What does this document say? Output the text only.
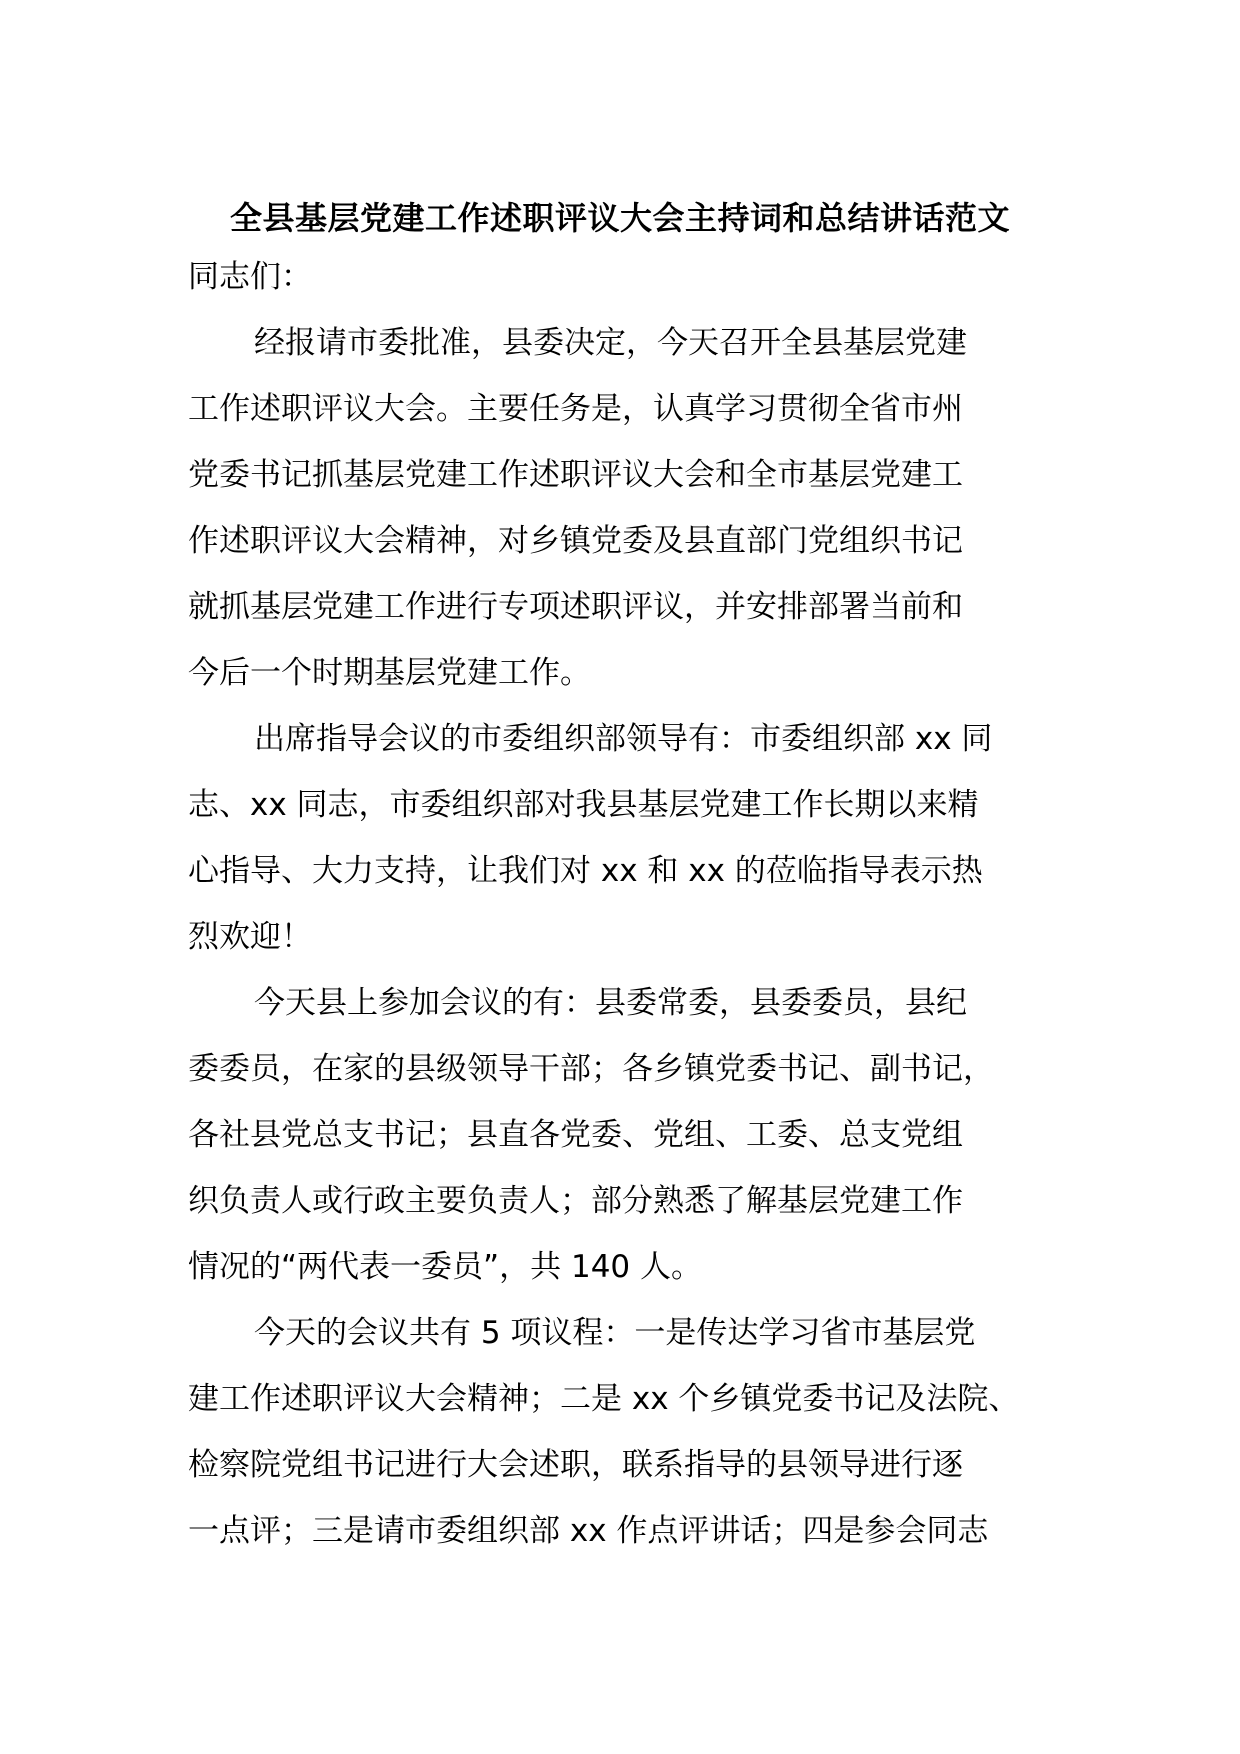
全县基层党建工作述职评议大会主持词和总结讲话范文

同志们：

经报请市委批准，县委决定，今天召开全县基层党建
工作述职评议大会。主要任务是，认真学习贯彻全省市州
党委书记抓基层党建工作述职评议大会和全市基层党建工
作述职评议大会精神，对乡镇党委及县直部门党组织书记
就抓基层党建工作进行专项述职评议，并安排部署当前和
今后一个时期基层党建工作。

出席指导会议的市委组织部领导有：市委组织部 xx 同
志、xx 同志，市委组织部对我县基层党建工作长期以来精
心指导、大力支持，让我们对 xx 和 xx 的莅临指导表示热
烈欢迎！

今天县上参加会议的有：县委常委，县委委员，县纪
委委员，在家的县级领导干部；各乡镇党委书记、副书记，
各社县党总支书记；县直各党委、党组、工委、总支党组
织负责人或行政主要负责人；部分熟悉了解基层党建工作
情况的“两代表一委员”，共 140 人。

今天的会议共有 5 项议程：一是传达学习省市基层党
建工作述职评议大会精神；二是 xx 个乡镇党委书记及法院、
检察院党组书记进行大会述职，联系指导的县领导进行逐
一点评；三是请市委组织部 xx 作点评讲话；四是参会同志
